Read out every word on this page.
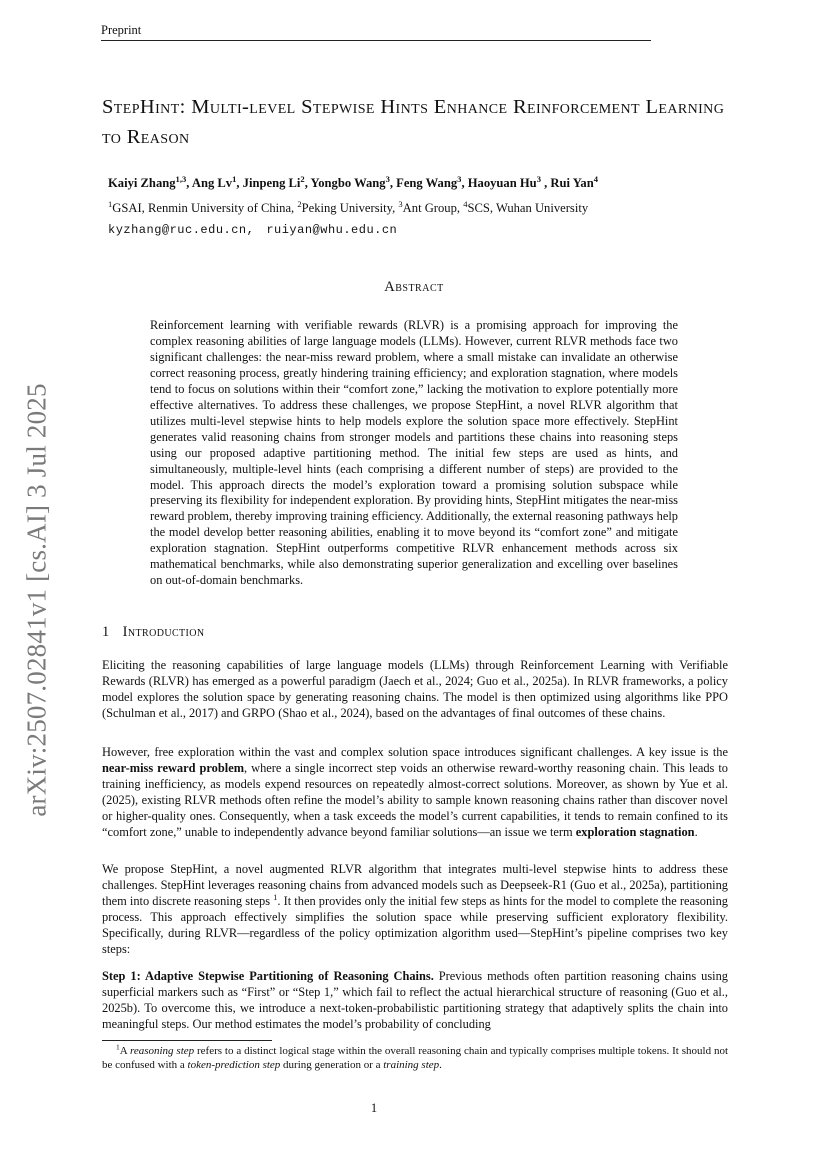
Preprint
arXiv:2507.02841v1 [cs.AI] 3 Jul 2025
StepHint: Multi-level Stepwise Hints Enhance Reinforcement Learning to Reason
Kaiyi Zhang$^{1,3}$, Ang Lv$^1$, Jinpeng Li$^2$, Yongbo Wang$^3$, Feng Wang$^3$, Haoyuan Hu$^3$ , Rui Yan$^4$
$^1$GSAI, Renmin University of China, $^2$Peking University, $^3$Ant Group, $^4$SCS, Wuhan University
kyzhang@ruc.edu.cn, ruiyan@whu.edu.cn
Abstract
Reinforcement learning with verifiable rewards (RLVR) is a promising approach for improving the complex reasoning abilities of large language models (LLMs). However, current RLVR methods face two significant challenges: the near-miss reward problem, where a small mistake can invalidate an otherwise correct reasoning process, greatly hindering training efficiency; and exploration stagnation, where models tend to focus on solutions within their “comfort zone,” lacking the motivation to explore potentially more effective alternatives. To address these challenges, we propose StepHint, a novel RLVR algorithm that utilizes multi-level stepwise hints to help models explore the solution space more effectively. StepHint generates valid reasoning chains from stronger models and partitions these chains into reasoning steps using our proposed adaptive partitioning method. The initial few steps are used as hints, and simultaneously, multiple-level hints (each comprising a different number of steps) are provided to the model. This approach directs the model’s exploration toward a promising solution subspace while preserving its flexibility for independent exploration. By providing hints, StepHint mitigates the near-miss reward problem, thereby improving training efficiency. Additionally, the external reasoning pathways help the model develop better reasoning abilities, enabling it to move beyond its “comfort zone” and mitigate exploration stagnation. StepHint outperforms competitive RLVR enhancement methods across six mathematical benchmarks, while also demonstrating superior generalization and excelling over baselines on out-of-domain benchmarks.
1 Introduction
Eliciting the reasoning capabilities of large language models (LLMs) through Reinforcement Learning with Verifiable Rewards (RLVR) has emerged as a powerful paradigm (Jaech et al., 2024; Guo et al., 2025a). In RLVR frameworks, a policy model explores the solution space by generating reasoning chains. The model is then optimized using algorithms like PPO (Schulman et al., 2017) and GRPO (Shao et al., 2024), based on the advantages of final outcomes of these chains.
However, free exploration within the vast and complex solution space introduces significant challenges. A key issue is the near-miss reward problem, where a single incorrect step voids an otherwise reward-worthy reasoning chain. This leads to training inefficiency, as models expend resources on repeatedly almost-correct solutions. Moreover, as shown by Yue et al. (2025), existing RLVR methods often refine the model’s ability to sample known reasoning chains rather than discover novel or higher-quality ones. Consequently, when a task exceeds the model’s current capabilities, it tends to remain confined to its “comfort zone,” unable to independently advance beyond familiar solutions—an issue we term exploration stagnation.
We propose StepHint, a novel augmented RLVR algorithm that integrates multi-level stepwise hints to address these challenges. StepHint leverages reasoning chains from advanced models such as Deepseek-R1 (Guo et al., 2025a), partitioning them into discrete reasoning steps $^1$. It then provides only the initial few steps as hints for the model to complete the reasoning process. This approach effectively simplifies the solution space while preserving sufficient exploratory flexibility. Specifically, during RLVR—regardless of the policy optimization algorithm used—StepHint’s pipeline comprises two key steps:
Step 1: Adaptive Stepwise Partitioning of Reasoning Chains. Previous methods often partition reasoning chains using superficial markers such as “First” or “Step 1,” which fail to reflect the actual hierarchical structure of reasoning (Guo et al., 2025b). To overcome this, we introduce a next-token-probabilistic partitioning strategy that adaptively splits the chain into meaningful steps. Our method estimates the model’s probability of concluding
$^1$A reasoning step refers to a distinct logical stage within the overall reasoning chain and typically comprises multiple tokens. It should not be confused with a token-prediction step during generation or a training step.
1
